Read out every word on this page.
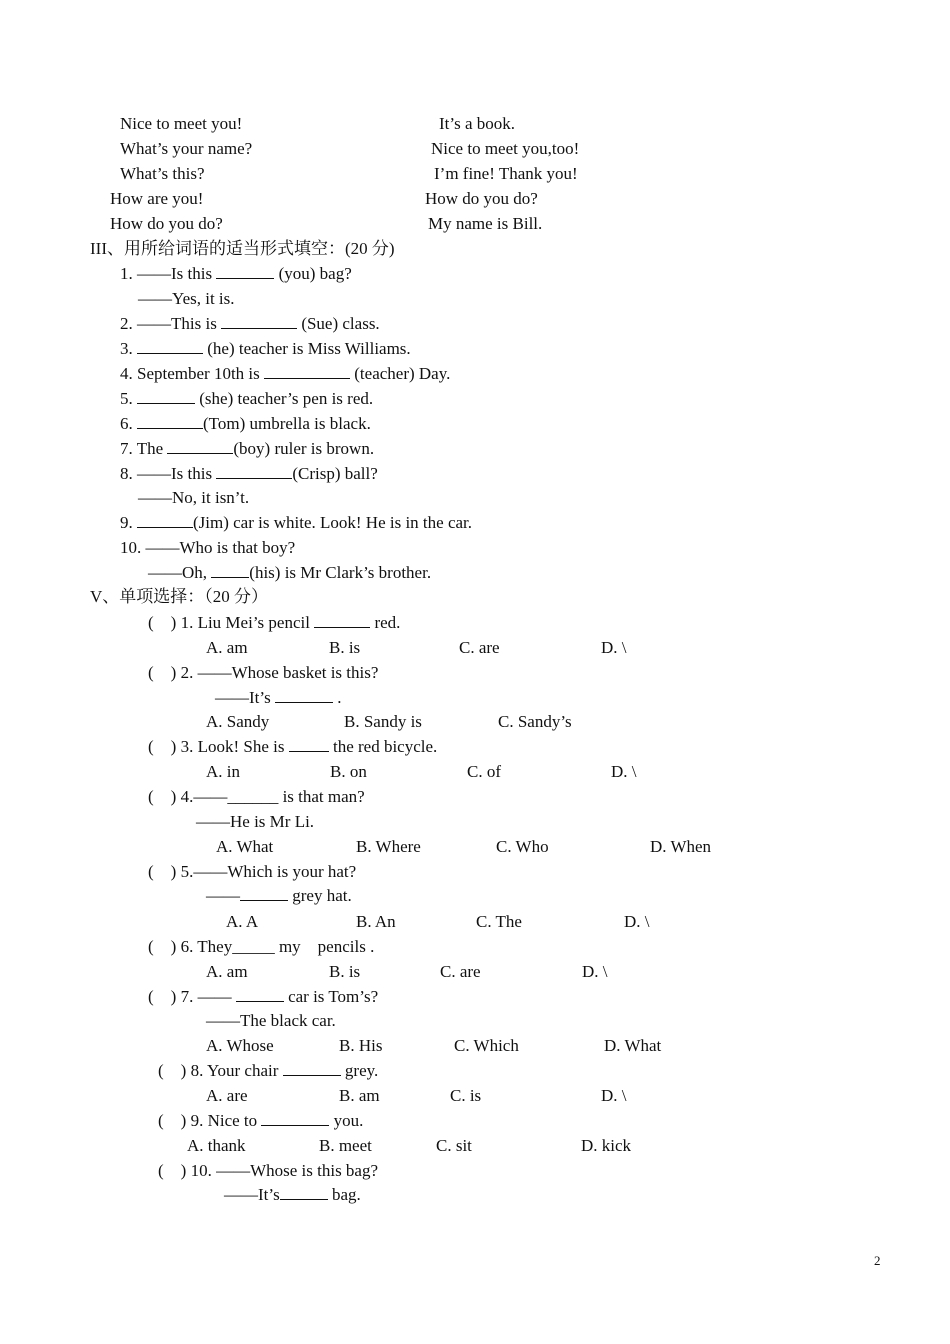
Nice to meet you!	It’s a book.
What’s your name?	Nice to meet you,too!
What’s this?	I’m fine! Thank you!
How are you!	How do you do?
How do you do?	My name is Bill.
III、用所给词语的适当形式填空：(20 分)
1. ——Is this	(you) bag?
——Yes, it is.
2. ——This is	(Sue) class.
3.	(he) teacher is Miss Williams.
4. September 10th is	(teacher) Day.
5.	(she) teacher’s pen is red.
6.	(Tom) umbrella is black.
7. The	(boy) ruler is brown.
8. ——Is this	(Crisp) ball?
——No, it isn’t.
9.	(Jim) car is white. Look! He is in the car.
10. ——Who is that boy?
——Oh, (his) is Mr Clark’s brother.
V、单项选择：（20 分）
(    ) 1. Liu Mei’s pencil	red.
A. am	B. is	C. are	D. \
(    ) 2. ——Whose basket is this?
——It’s	.
A. Sandy	B. Sandy is	C. Sandy’s
(    ) 3. Look! She is  the red bicycle.
A. in	B. on	C. of	D. \
(    ) 4.——______ is that man?
——He is Mr Li.
A. What	B. Where	C. Who	D. When
(    ) 5.——Which is your hat?
——	grey hat.
A. A	B. An	C. The	D. \
(    ) 6. They_____ my    pencils .
A. am	B. is	C. are	D. \
(    ) 7. ——	car is Tom’s?
——The black car.
A. Whose	B. His	C. Which	D. What
(    ) 8. Your chair	grey.
A. are	B. am	C. is	D. \
(    ) 9. Nice to	you.
A. thank	B. meet	C. sit	D. kick
(    ) 10. ——Whose is this bag?
——It’s	bag.
2
